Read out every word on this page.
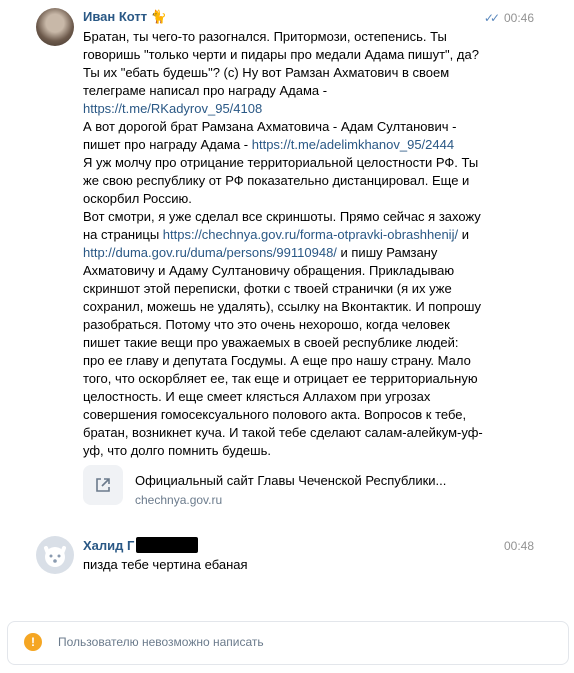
Иван Котт 🐈	✓✓ 00:46

Братан, ты чего-то разогнался. Притормози, остепенись. Ты говоришь "только черти и пидары про медали Адама пишут", да? Ты их "ебать будешь"? (с) Ну вот Рамзан Ахматович в своем телеграме написал про награду Адама - https://t.me/RKadyrov_95/4108

А вот дорогой брат Рамзана Ахматовича - Адам Султанович - пишет про награду Адама - https://t.me/adelimkhanov_95/2444

Я уж молчу про отрицание территориальной целостности РФ. Ты же свою республику от РФ показательно дистанцировал. Еще и оскорбил Россию.

Вот смотри, я уже сделал все скриншоты. Прямо сейчас я захожу на страницы https://chechnya.gov.ru/forma-otpravki-obrashhenij/ и http://duma.gov.ru/duma/persons/99110948/ и пишу Рамзану Ахматовичу и Адаму Султановичу обращения. Прикладываю скриншот этой переписки, фотки с твоей странички (я их уже сохранил, можешь не удалять), ссылку на Вконтактик. И попрошу разобраться. Потому что это очень нехорошо, когда человек пишет такие вещи про уважаемых в своей республике людей: про ее главу и депутата Госдумы. А еще про нашу страну. Мало того, что оскорбляет ее, так еще и отрицает ее территориальную целостность. И еще смеет клясться Аллахом при угрозах совершения гомосексуального полового акта. Вопросов к тебе, братан, возникнет куча. И такой тебе сделают салам-алейкум-уф-уф, что долго помнить будешь.

Официальный сайт Главы Чеченской Республики...
chechnya.gov.ru
Халид Г	00:48
пизда тебе чертина ебаная
!	Пользователю невозможно написать
